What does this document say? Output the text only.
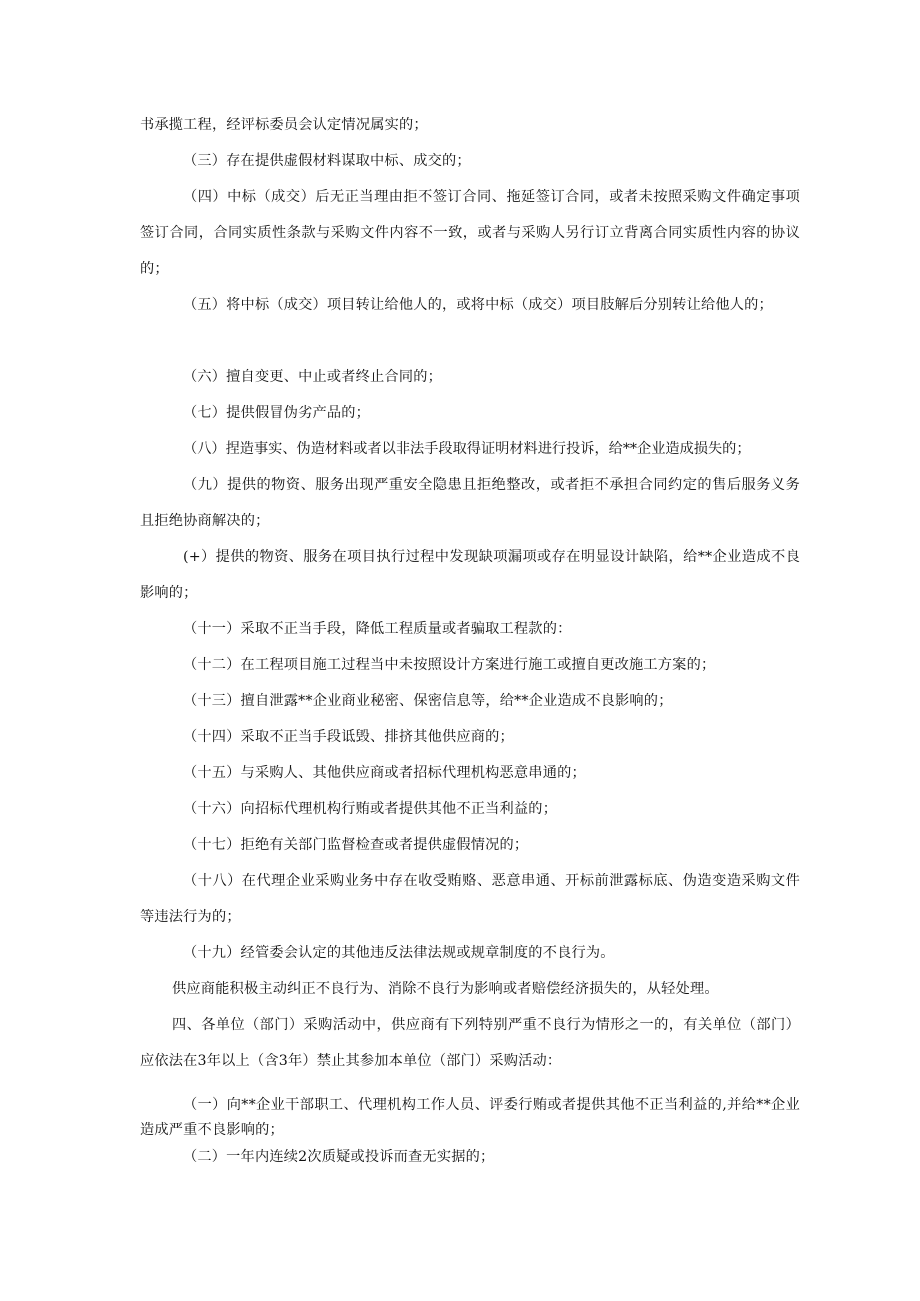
书承揽工程，经评标委员会认定情况属实的；

（三）存在提供虚假材料谋取中标、成交的；

（四）中标（成交）后无正当理由拒不签订合同、拖延签订合同，或者未按照采购文件确定事项签订合同，合同实质性条款与采购文件内容不一致，或者与采购人另行订立背离合同实质性内容的协议的；

（五）将中标（成交）项目转让给他人的，或将中标（成交）项目肢解后分别转让给他人的；

（六）擅自变更、中止或者终止合同的；

（七）提供假冒伪劣产品的；

（八）捏造事实、伪造材料或者以非法手段取得证明材料进行投诉，给**企业造成损失的；

（九）提供的物资、服务出现严重安全隐患且拒绝整改，或者拒不承担合同约定的售后服务义务且拒绝协商解决的；

(+）提供的物资、服务在项目执行过程中发现缺项漏项或存在明显设计缺陷，给**企业造成不良影响的；

（十一）采取不正当手段，降低工程质量或者骗取工程款的：

（十二）在工程项目施工过程当中未按照设计方案进行施工或擅自更改施工方案的；

（十三）擅自泄露**企业商业秘密、保密信息等，给**企业造成不良影响的；

（十四）采取不正当手段诋毁、排挤其他供应商的；

（十五）与采购人、其他供应商或者招标代理机构恶意串通的；

（十六）向招标代理机构行贿或者提供其他不正当利益的；

（十七）拒绝有关部门监督检查或者提供虚假情况的；

（十八）在代理企业采购业务中存在收受贿赂、恶意串通、开标前泄露标底、伪造变造采购文件等违法行为的；

（十九）经管委会认定的其他违反法律法规或规章制度的不良行为。

供应商能积极主动纠正不良行为、消除不良行为影响或者赔偿经济损失的，从轻处理。

四、各单位（部门）采购活动中，供应商有下列特别严重不良行为情形之一的，有关单位（部门）应依法在3年以上（含3年）禁止其参加本单位（部门）采购活动：

（一）向**企业干部职工、代理机构工作人员、评委行贿或者提供其他不正当利益的,并给**企业造成严重不良影响的；

（二）一年内连续2次质疑或投诉而查无实据的；
